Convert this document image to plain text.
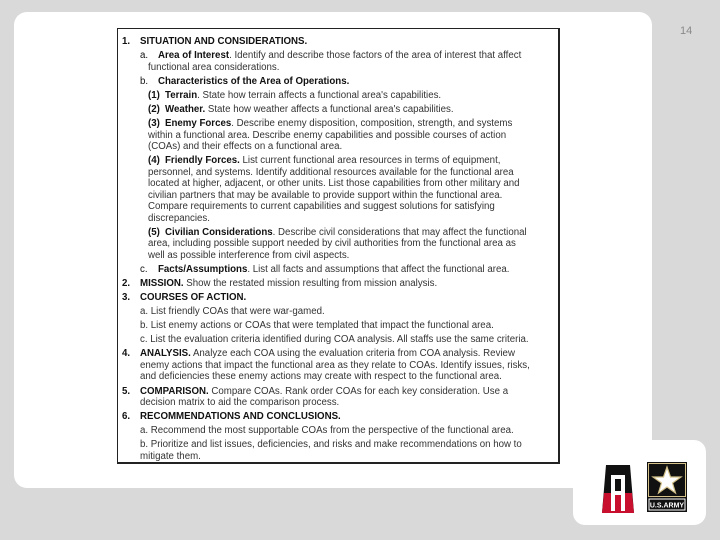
14
1. SITUATION AND CONSIDERATIONS.
a. Area of Interest. Identify and describe those factors of the area of interest that affect
functional area considerations.
b. Characteristics of the Area of Operations.
(1) Terrain. State how terrain affects a functional area's capabilities.
(2) Weather. State how weather affects a functional area's capabilities.
(3) Enemy Forces. Describe enemy disposition, composition, strength, and systems
within a functional area. Describe enemy capabilities and possible courses of action
(COAs) and their effects on a functional area.
(4) Friendly Forces. List current functional area resources in terms of equipment,
personnel, and systems. Identify additional resources available for the functional area
located at higher, adjacent, or other units. List those capabilities from other military and
civilian partners that may be available to provide support within the functional area.
Compare requirements to current capabilities and suggest solutions for satisfying
discrepancies.
(5) Civilian Considerations. Describe civil considerations that may affect the functional
area, including possible support needed by civil authorities from the functional area as
well as possible interference from civil aspects.
c. Facts/Assumptions. List all facts and assumptions that affect the functional area.
2. MISSION. Show the restated mission resulting from mission analysis.
3. COURSES OF ACTION.
a. List friendly COAs that were war-gamed.
b. List enemy actions or COAs that were templated that impact the functional area.
c. List the evaluation criteria identified during COA analysis. All staffs use the same criteria.
4. ANALYSIS. Analyze each COA using the evaluation criteria from COA analysis. Review
enemy actions that impact the functional area as they relate to COAs. Identify issues, risks,
and deficiencies these enemy actions may create with respect to the functional area.
5. COMPARISON. Compare COAs. Rank order COAs for each key consideration. Use a
decision matrix to aid the comparison process.
6. RECOMMENDATIONS AND CONCLUSIONS.
a. Recommend the most supportable COAs from the perspective of the functional area.
b. Prioritize and list issues, deficiencies, and risks and make recommendations on how to
mitigate them.
U.S.ARMY
